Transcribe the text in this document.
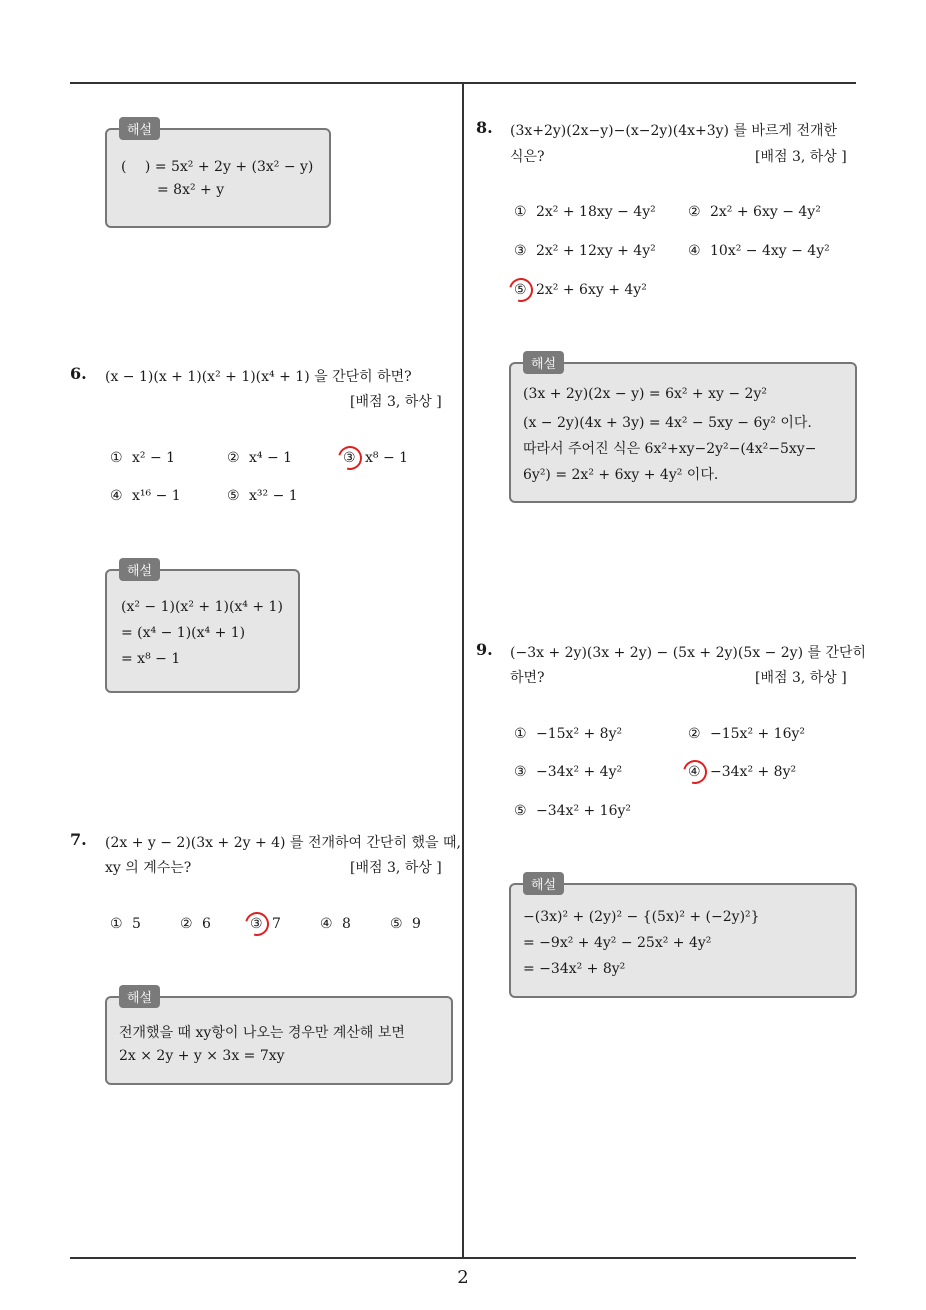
2
해설
(　 ) = 5x² + 2y + (3x² − y)
= 8x² + y
6. (x − 1)(x + 1)(x² + 1)(x⁴ + 1) 을 간단히 하면?
[배점 3, 하상 ]
① x² − 1	② x⁴ − 1	③ x⁸ − 1
④ x¹⁶ − 1	⑤ x³² − 1
해설
(x² − 1)(x² + 1)(x⁴ + 1)
= (x⁴ − 1)(x⁴ + 1)
= x⁸ − 1
7. (2x + y − 2)(3x + 2y + 4) 를 전개하여 간단히 했을 때,
xy 의 계수는?	[배점 3, 하상 ]
① 5	② 6	③ 7	④ 8	⑤ 9
해설
전개했을 때 xy항이 나오는 경우만 계산해 보면
2x × 2y + y × 3x = 7xy
8. (3x+2y)(2x−y)−(x−2y)(4x+3y) 를 바르게 전개한
식은?	[배점 3, 하상 ]
① 2x² + 18xy − 4y² ② 2x² + 6xy − 4y²
③ 2x² + 12xy + 4y² ④ 10x² − 4xy − 4y²
⑤ 2x² + 6xy + 4y²
해설
(3x + 2y)(2x − y) = 6x² + xy − 2y²
(x − 2y)(4x + 3y) = 4x² − 5xy − 6y² 이다.
따라서 주어진 식은 6x²+xy−2y²−(4x²−5xy−
6y²) = 2x² + 6xy + 4y² 이다.
9. (−3x + 2y)(3x + 2y) − (5x + 2y)(5x − 2y) 를 간단히
하면?	[배점 3, 하상 ]
① −15x² + 8y²	② −15x² + 16y²
③ −34x² + 4y²	④ −34x² + 8y²
⑤ −34x² + 16y²
해설
−(3x)² + (2y)² − {(5x)² + (−2y)²}
= −9x² + 4y² − 25x² + 4y²
= −34x² + 8y²
